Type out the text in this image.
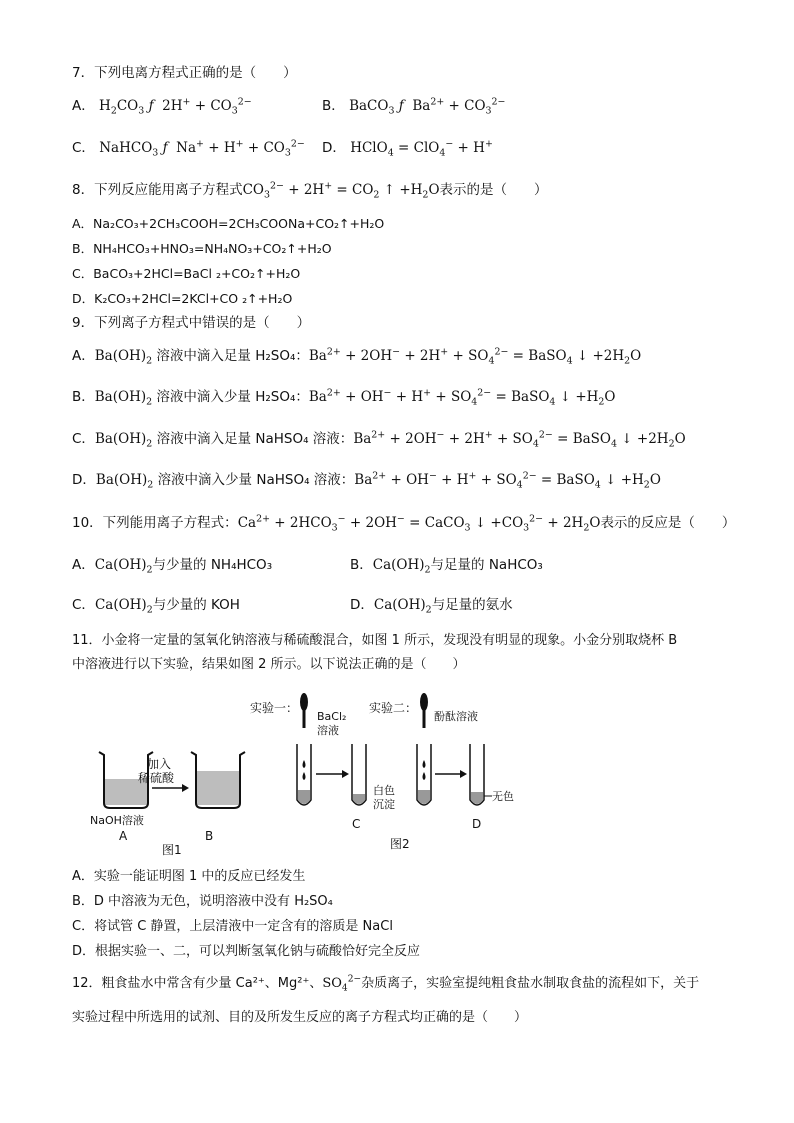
7．下列电离方程式正确的是（　　）
A． $H_2CO_3$ ƒ  $2H^+ + CO_3^{2-}$	B． BaCO$_3$ ƒ  $Ba^{2+} + CO_3^{2-}$
C． NaHCO$_3$ ƒ  $Na^+ + H^+ + CO_3^{2-}$ D． HClO$_4$ = ClO$_4$− + H+
8．下列反应能用离子方程式$CO_3^{2-} + 2H^+ = CO_2$ ↑ $+H_2O$表示的是（　　）
A．Na₂CO₃+2CH₃COOH=2CH₃COONa+CO₂↑+H₂O
B．NH₄HCO₃+HNO₃=NH₄NO₃+CO₂↑+H₂O
C．BaCO₃+2HCl=BaCl ₂+CO₂↑+H₂O
D．K₂CO₃+2HCl=2KCl+CO ₂↑+H₂O
9．下列离子方程式中错误的是（　　）
A．$Ba(OH)_2$ 溶液中滴入足量 H₂SO₄：$Ba^{2+} + 2OH^- + 2H^+ + SO_4^{2-}$ = BaSO$_4$ ↓ $+2H_2O$
B．$Ba(OH)_2$ 溶液中滴入少量 H₂SO₄：$Ba^{2+} + OH^- + H^+ + SO_4^{2-}$ = BaSO$_4$ ↓ $+H_2O$
C．$Ba(OH)_2$ 溶液中滴入足量 NaHSO₄ 溶液：$Ba^{2+} + 2OH^- + 2H^+ + SO_4^{2-}$ = BaSO$_4$ ↓ $+2H_2O$
D．$Ba(OH)_2$ 溶液中滴入少量 NaHSO₄ 溶液：$Ba^{2+} + OH^- + H^+ + SO_4^{2-}$ = BaSO$_4$ ↓ $+H_2O$
10．下列能用离子方程式：$Ca^{2+} + 2HCO_3^- + 2OH^-$ = CaCO$_3$ ↓ $+CO_3^{2-} + 2H_2O$表示的反应是（　　）
A．$Ca(OH)_2$与少量的 NH₄HCO₃	B．$Ca(OH)_2$与足量的 NaHCO₃
C．$Ca(OH)_2$与少量的 KOH	D．$Ca(OH)_2$与足量的氨水
11．小金将一定量的氢氧化钠溶液与稀硫酸混合，如图 1 所示，发现没有明显的现象。小金分别取烧杯 B
中溶液进行以下实验，结果如图 2 所示。以下说法正确的是（　　）
加入
稀硫酸
NaOH溶液
A	B
图1
实验一：
BaCl₂
溶液
白色
沉淀
C
实验二：
酚酞溶液
无色
D
图2
A．实验一能证明图 1 中的反应已经发生
B．D 中溶液为无色，说明溶液中没有 H₂SO₄
C．将试管 C 静置，上层清液中一定含有的溶质是 NaCl
D．根据实验一、二，可以判断氢氧化钠与硫酸恰好完全反应
12．粗食盐水中常含有少量 Ca²⁺、Mg²⁺、$SO_4^{2-}$杂质离子，实验室提纯粗食盐水制取食盐的流程如下，关于
实验过程中所选用的试剂、目的及所发生反应的离子方程式均正确的是（　　）
